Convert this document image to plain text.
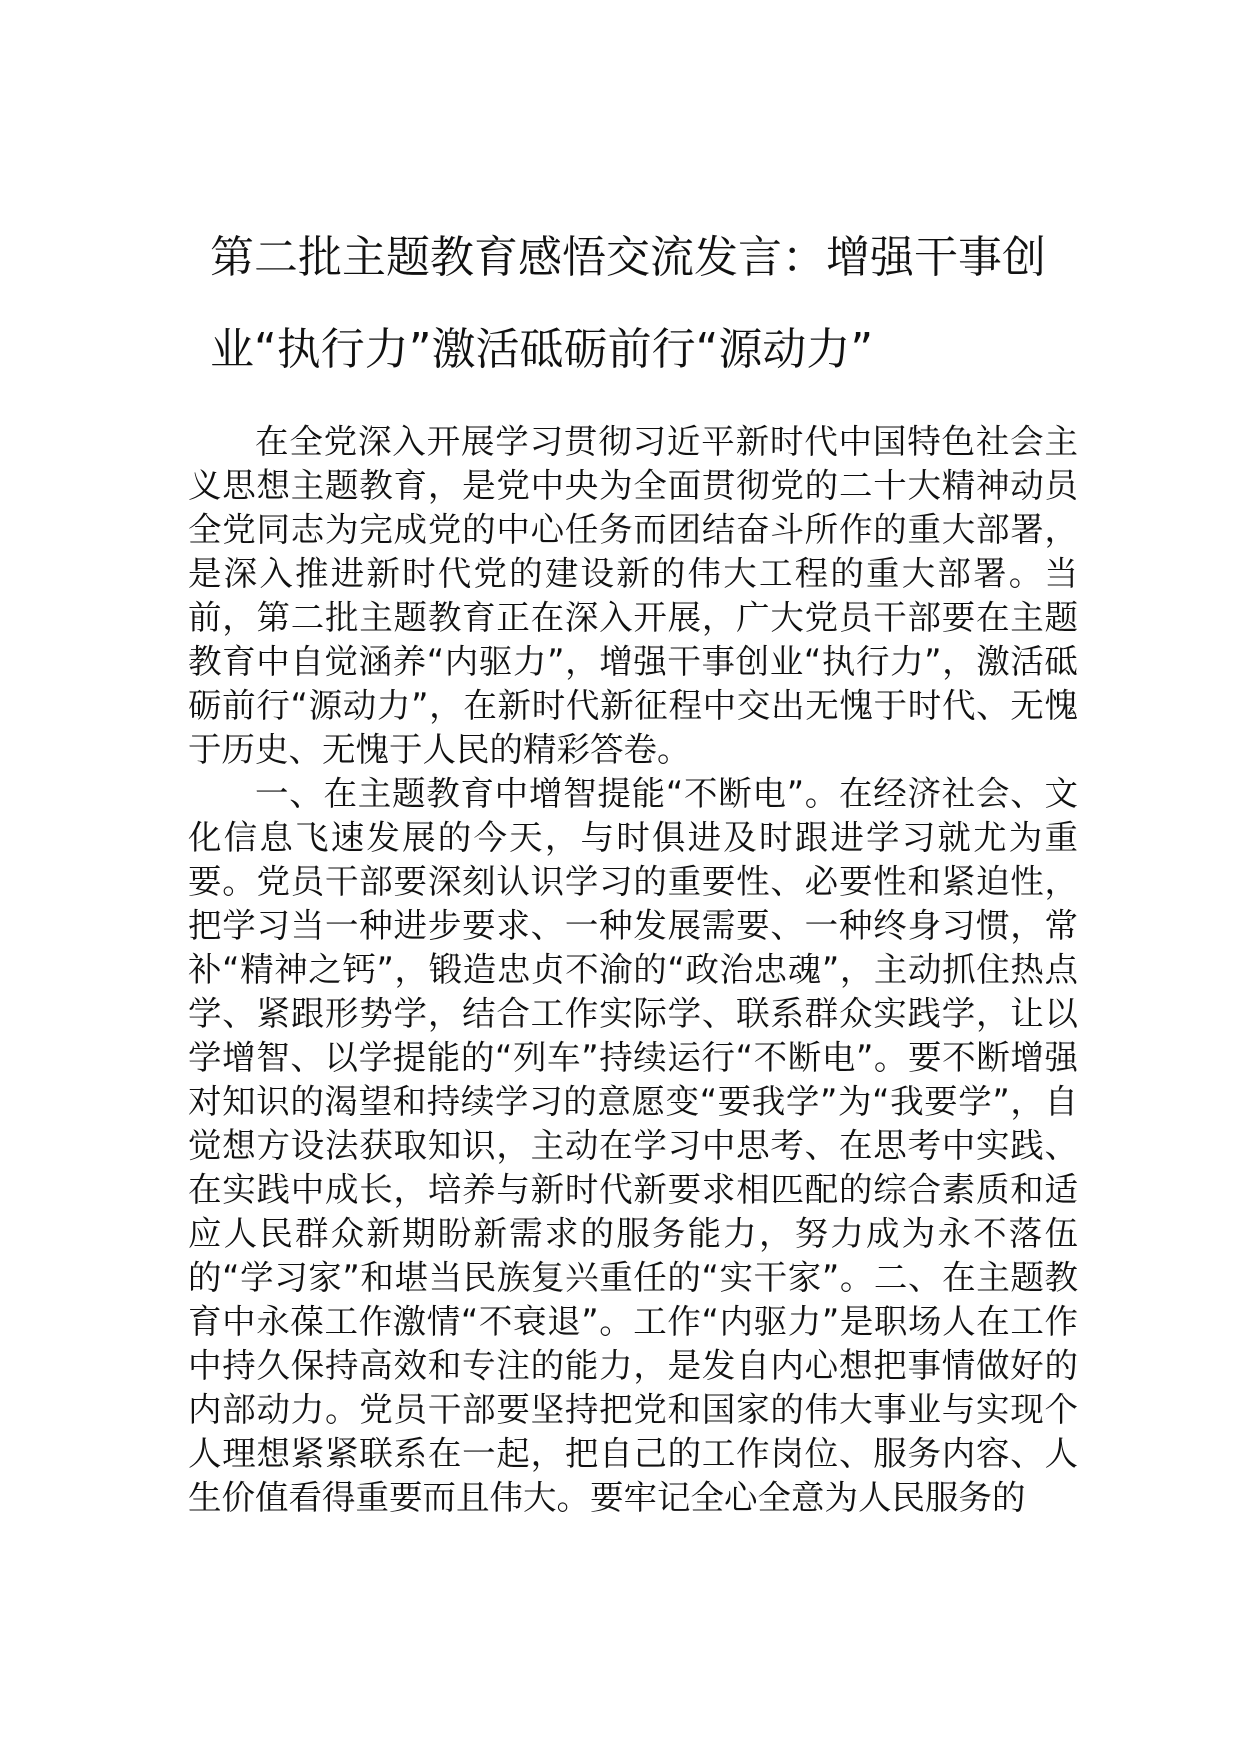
第二批主题教育感悟交流发言：增强干事创业“执行力”激活砥砺前行“源动力”

在全党深入开展学习贯彻习近平新时代中国特色社会主义思想主题教育，是党中央为全面贯彻党的二十大精神动员全党同志为完成党的中心任务而团结奋斗所作的重大部署，是深入推进新时代党的建设新的伟大工程的重大部署。当前，第二批主题教育正在深入开展，广大党员干部要在主题教育中自觉涵养“内驱力”，增强干事创业“执行力”，激活砥砺前行“源动力”，在新时代新征程中交出无愧于时代、无愧于历史、无愧于人民的精彩答卷。

一、在主题教育中增智提能“不断电”。在经济社会、文化信息飞速发展的今天，与时俱进及时跟进学习就尤为重要。党员干部要深刻认识学习的重要性、必要性和紧迫性，把学习当一种进步要求、一种发展需要、一种终身习惯，常补“精神之钙”，锻造忠贞不渝的“政治忠魂”，主动抓住热点学、紧跟形势学，结合工作实际学、联系群众实践学，让以学增智、以学提能的“列车”持续运行“不断电”。要不断增强对知识的渴望和持续学习的意愿变“要我学”为“我要学”，自觉想方设法获取知识，主动在学习中思考、在思考中实践、在实践中成长，培养与新时代新要求相匹配的综合素质和适应人民群众新期盼新需求的服务能力，努力成为永不落伍的“学习家”和堪当民族复兴重任的“实干家”。二、在主题教育中永葆工作激情“不衰退”。工作“内驱力”是职场人在工作中持久保持高效和专注的能力，是发自内心想把事情做好的内部动力。党员干部要坚持把党和国家的伟大事业与实现个人理想紧紧联系在一起，把自己的工作岗位、服务内容、人生价值看得重要而且伟大。要牢记全心全意为人民服务的
